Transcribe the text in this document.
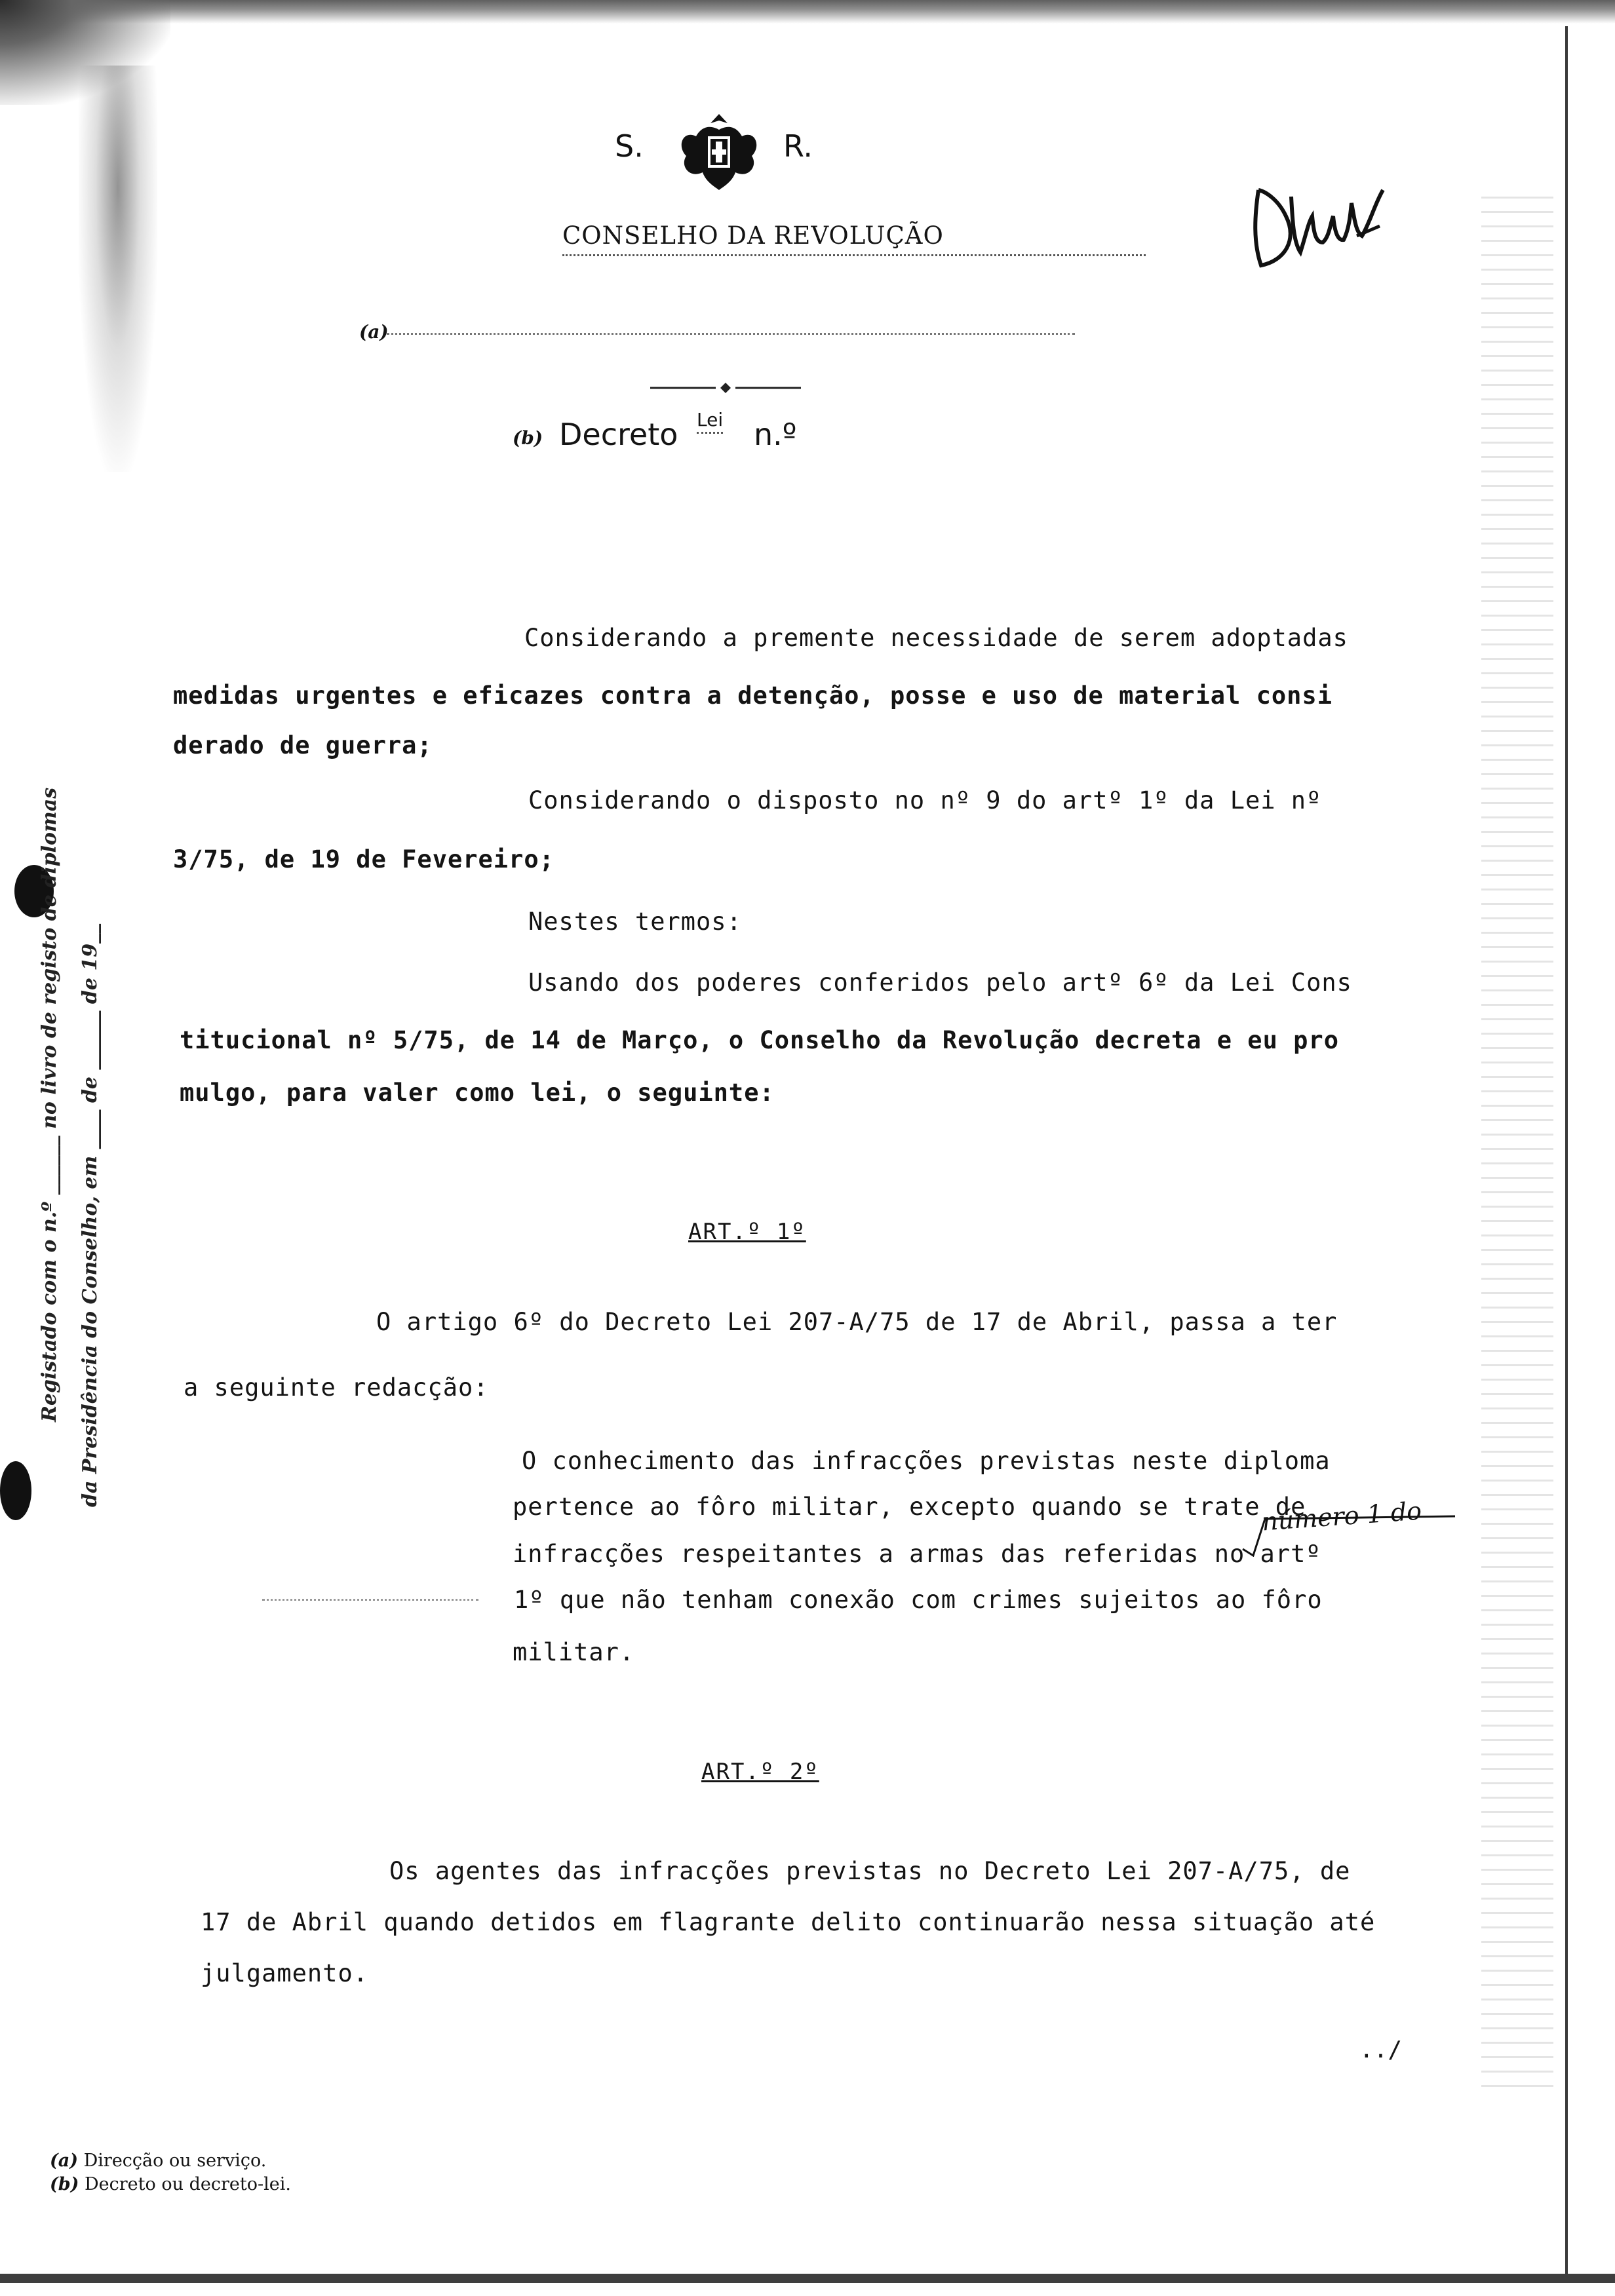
S.	R.
CONSELHO DA REVOLUÇÃO
(a)
(b) Decreto Lei n.º
Considerando a premente necessidade de serem adoptadas
medidas urgentes e eficazes contra a detenção, posse e uso de material consi
derado de guerra;
Considerando o disposto no nº 9 do artº 1º da Lei nº
3/75, de 19 de Fevereiro;
Nestes termos:
Usando dos poderes conferidos pelo artº 6º da Lei Cons
titucional nº 5/75, de 14 de Março, o Conselho da Revolução decreta e eu pro
mulgo, para valer como lei, o seguinte:
ART.º 1º
O artigo 6º do Decreto Lei 207-A/75 de 17 de Abril, passa a ter
a seguinte redacção:
O conhecimento das infracções previstas neste diploma
pertence ao fôro militar, excepto quando se trate de
infracções respeitantes a armas das referidas no artº
1º que não tenham conexão com crimes sujeitos ao fôro
militar.
número 1 do
ART.º 2º
Os agentes das infracções previstas no Decreto Lei 207-A/75, de
17 de Abril quando detidos em flagrante delito continuarão nessa situação até
julgamento.
../
(a) Direcção ou serviço.
(b) Decreto ou decreto-lei.
Registado com o n.º ______ no livro de registo de diplomas da Presidência do Conselho, em ____ de ______ de 19__
